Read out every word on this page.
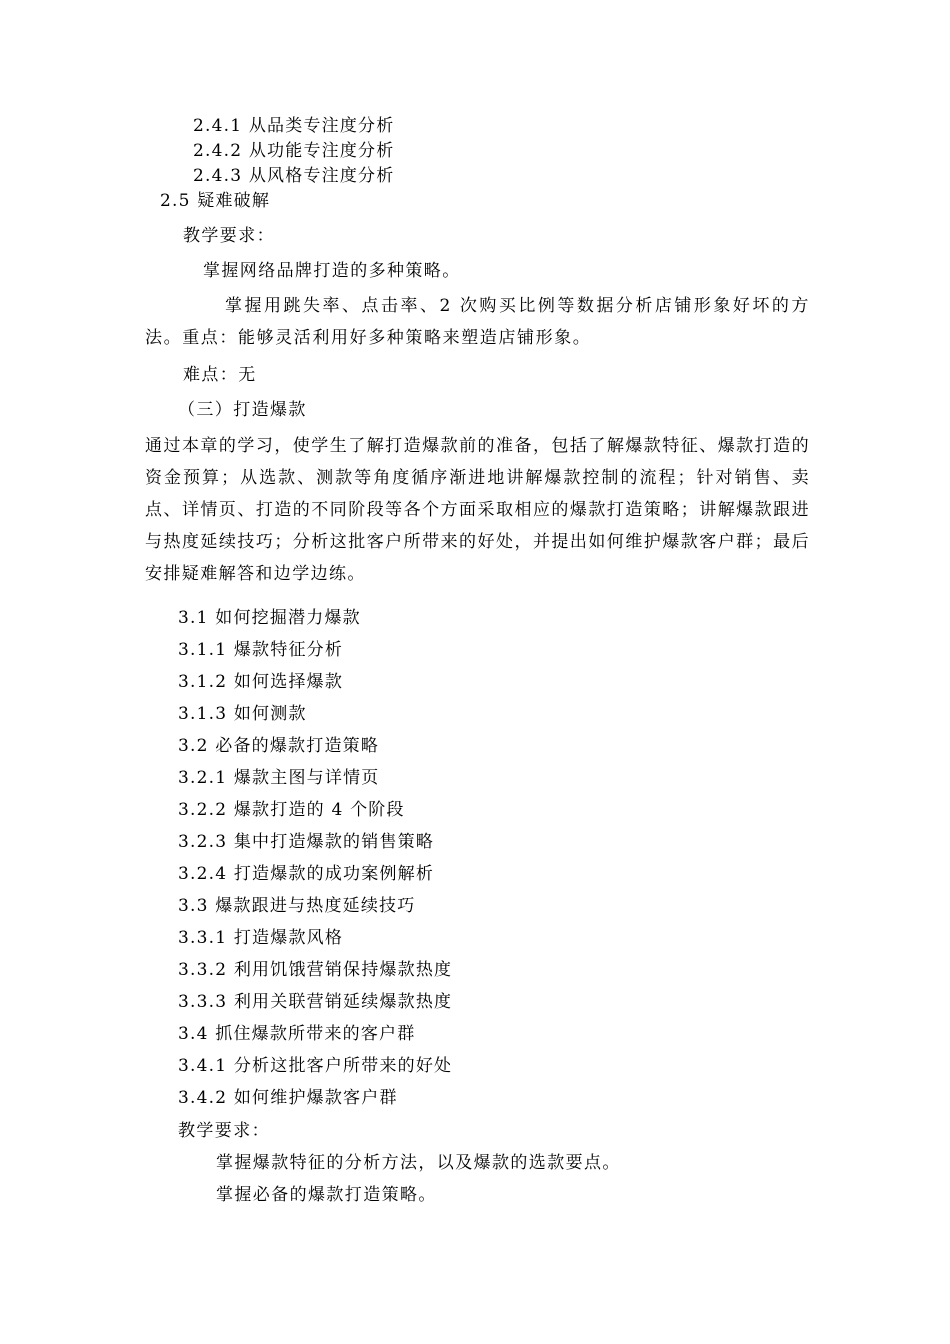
2.4.1 从品类专注度分析

2.4.2 从功能专注度分析

2.4.3 从风格专注度分析

2.5 疑难破解

教学要求：

掌握网络品牌打造的多种策略。

掌握用跳失率、点击率、2 次购买比例等数据分析店铺形象好坏的方法。重点：能够灵活利用好多种策略来塑造店铺形象。

难点：无

（三）打造爆款

通过本章的学习，使学生了解打造爆款前的准备，包括了解爆款特征、爆款打造的资金预算；从选款、测款等角度循序渐进地讲解爆款控制的流程；针对销售、卖点、详情页、打造的不同阶段等各个方面采取相应的爆款打造策略；讲解爆款跟进与热度延续技巧；分析这批客户所带来的好处，并提出如何维护爆款客户群；最后安排疑难解答和边学边练。

3.1 如何挖掘潜力爆款

3.1.1 爆款特征分析

3.1.2 如何选择爆款

3.1.3 如何测款

3.2 必备的爆款打造策略

3.2.1 爆款主图与详情页

3.2.2 爆款打造的 4 个阶段

3.2.3 集中打造爆款的销售策略

3.2.4 打造爆款的成功案例解析

3.3 爆款跟进与热度延续技巧

3.3.1 打造爆款风格

3.3.2 利用饥饿营销保持爆款热度

3.3.3 利用关联营销延续爆款热度

3.4 抓住爆款所带来的客户群

3.4.1 分析这批客户所带来的好处

3.4.2 如何维护爆款客户群

教学要求：

掌握爆款特征的分析方法，以及爆款的选款要点。

掌握必备的爆款打造策略。
